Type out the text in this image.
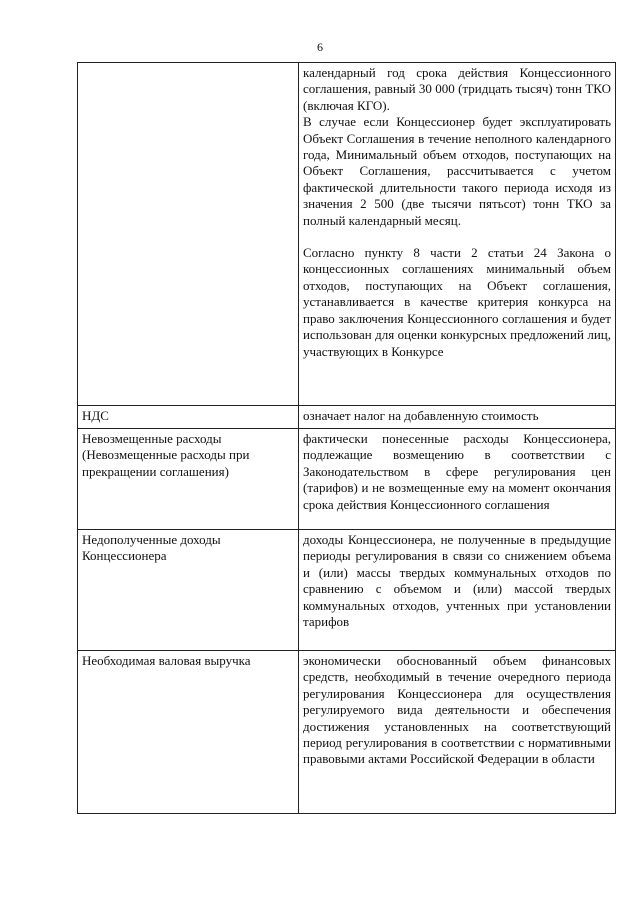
6

	календарный год срока действия Концессионного соглашения, равный 30 000 (тридцать тысяч) тонн ТКО (включая КГО).

В случае если Концессионер будет эксплуатировать Объект Соглашения в течение неполного календарного года, Минимальный объем отходов, поступающих на Объект Соглашения, рассчитывается с учетом фактической длительности такого периода исходя из значения 2 500 (две тысячи пятьсот) тонн ТКО за полный календарный месяц.

Согласно пункту 8 части 2 статьи 24 Закона о концессионных соглашениях минимальный объем отходов, поступающих на Объект соглашения, устанавливается в качестве критерия конкурса на право заключения Концессионного соглашения и будет использован для оценки конкурсных предложений лиц, участвующих в Конкурсе

НДС	означает налог на добавленную стоимость
Невозмещенные расходы (Невозмещенные расходы при прекращении соглашения)	фактически понесенные расходы Концессионера, подлежащие возмещению в соответствии с Законодательством в сфере регулирования цен (тарифов) и не возмещенные ему на момент окончания срока действия Концессионного соглашения
Недополученные доходы Концессионера	доходы Концессионера, не полученные в предыдущие периоды регулирования в связи со снижением объема и (или) массы твердых коммунальных отходов по сравнению с объемом и (или) массой твердых коммунальных отходов, учтенных при установлении тарифов
Необходимая валовая выручка	экономически обоснованный объем финансовых средств, необходимый в течение очередного периода регулирования Концессионера для осуществления регулируемого вида деятельности и обеспечения достижения установленных на соответствующий период регулирования в соответствии с нормативными правовыми актами Российской Федерации в области
